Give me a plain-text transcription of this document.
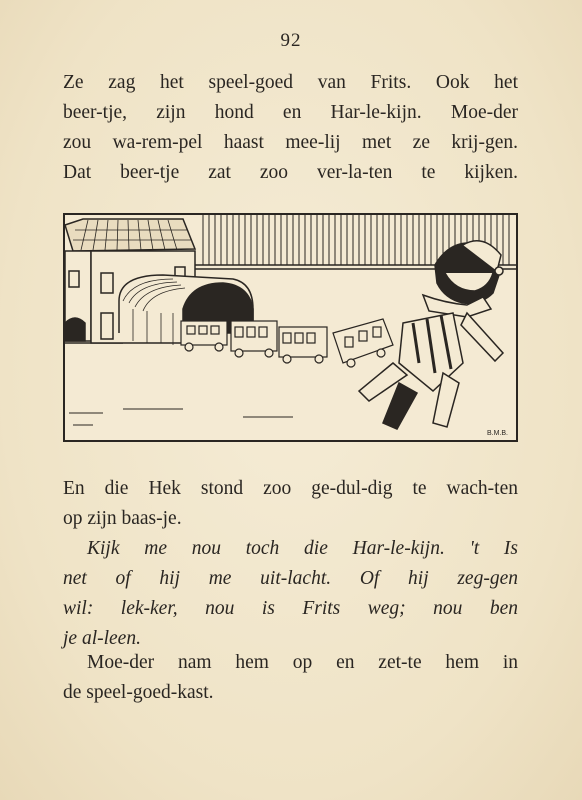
92
Ze zag het speel-goed van Frits. Ook het
beer-tje, zijn hond en Har-le-kijn. Moe-der
zou wa-rem-pel haast mee-lij met ze krij-gen.
Dat beer-tje zat zoo ver-la-ten te kijken.
B.M.B.
En die Hek stond zoo ge-dul-dig te wach-ten
op zijn baas-je.
Kijk me nou toch die Har-le-kijn. 't Is
net of hij me uit-lacht. Of hij zeg-gen
wil: lek-ker, nou is Frits weg; nou ben
je al-leen.
Moe-der nam hem op en zet-te hem in
de speel-goed-kast.
